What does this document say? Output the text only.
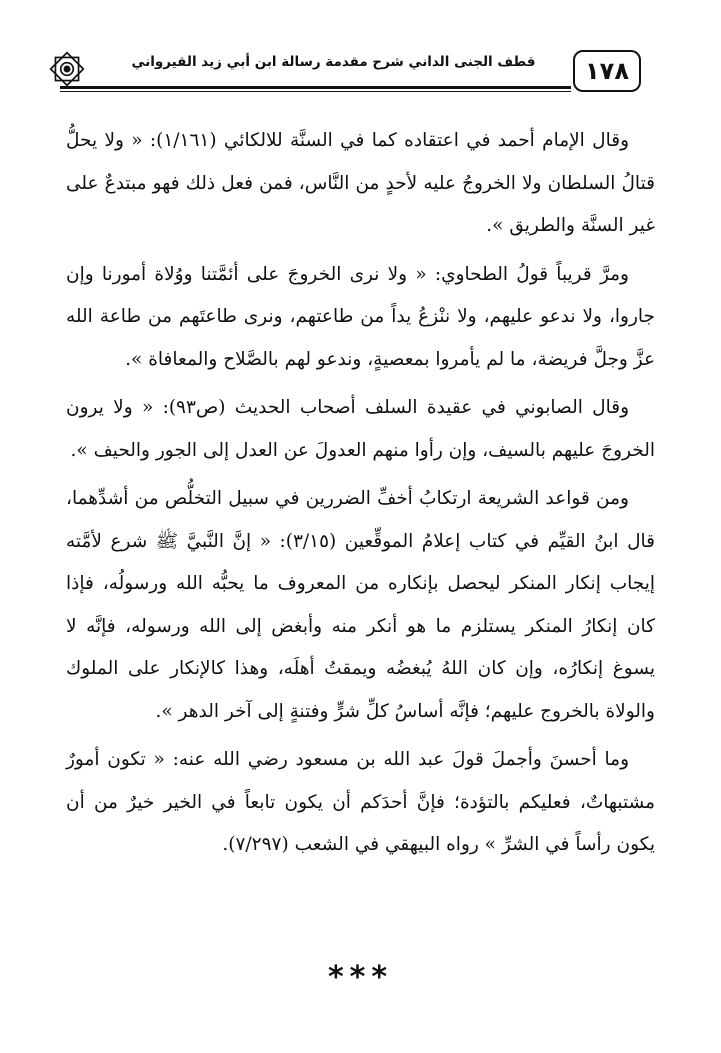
١٧٨
قطف الجنى الداني شرح مقدمة رسالة ابن أبي زيد القيرواني

وقال الإمام أحمد في اعتقاده كما في السنَّة للالكائي (١/١٦١): « ولا يحلُّ قتالُ السلطان ولا الخروجُ عليه لأحدٍ من النَّاس، فمن فعل ذلك فهو مبتدعٌ على غير السنَّة والطريق ».

ومرَّ قريباً قولُ الطحاوي: « ولا نرى الخروجَ على أئمَّتنا ووُلاة أمورنا وإن جاروا، ولا ندعو عليهم، ولا ننْزعُ يداً من طاعتهم، ونرى طاعتَهم من طاعة الله عزَّ وجلَّ فريضة، ما لم يأمروا بمعصيةٍ، وندعو لهم بالصَّلاح والمعافاة ».

وقال الصابوني في عقيدة السلف أصحاب الحديث (ص٩٣): « ولا يرون الخروجَ عليهم بالسيف، وإن رأوا منهم العدولَ عن العدل إلى الجور والحيف ».

ومن قواعد الشريعة ارتكابُ أخفِّ الضررين في سبيل التخلُّص من أشدِّهما، قال ابنُ القيِّم في كتاب إعلامُ الموقِّعين (٣/١٥): « إنَّ النَّبيَّ ﷺ شرع لأمَّته إيجاب إنكار المنكر ليحصل بإنكاره من المعروف ما يحبُّه الله ورسولُه، فإذا كان إنكارُ المنكر يستلزم ما هو أنكر منه وأبغض إلى الله ورسوله، فإنَّه لا يسوغ إنكارُه، وإن كان اللهُ يُبغضُه ويمقتُ أهلَه، وهذا كالإنكار على الملوك والولاة بالخروج عليهم؛ فإنَّه أساسُ كلِّ شرٍّ وفتنةٍ إلى آخر الدهر ».

وما أحسنَ وأجملَ قولَ عبد الله بن مسعود رضي الله عنه: « تكون أمورٌ مشتبهاتٌ، فعليكم بالتؤدة؛ فإنَّ أحدَكم أن يكون تابعاً في الخير خيرٌ من أن يكون رأساً في الشرِّ » رواه البيهقي في الشعب (٧/٢٩٧).

***
